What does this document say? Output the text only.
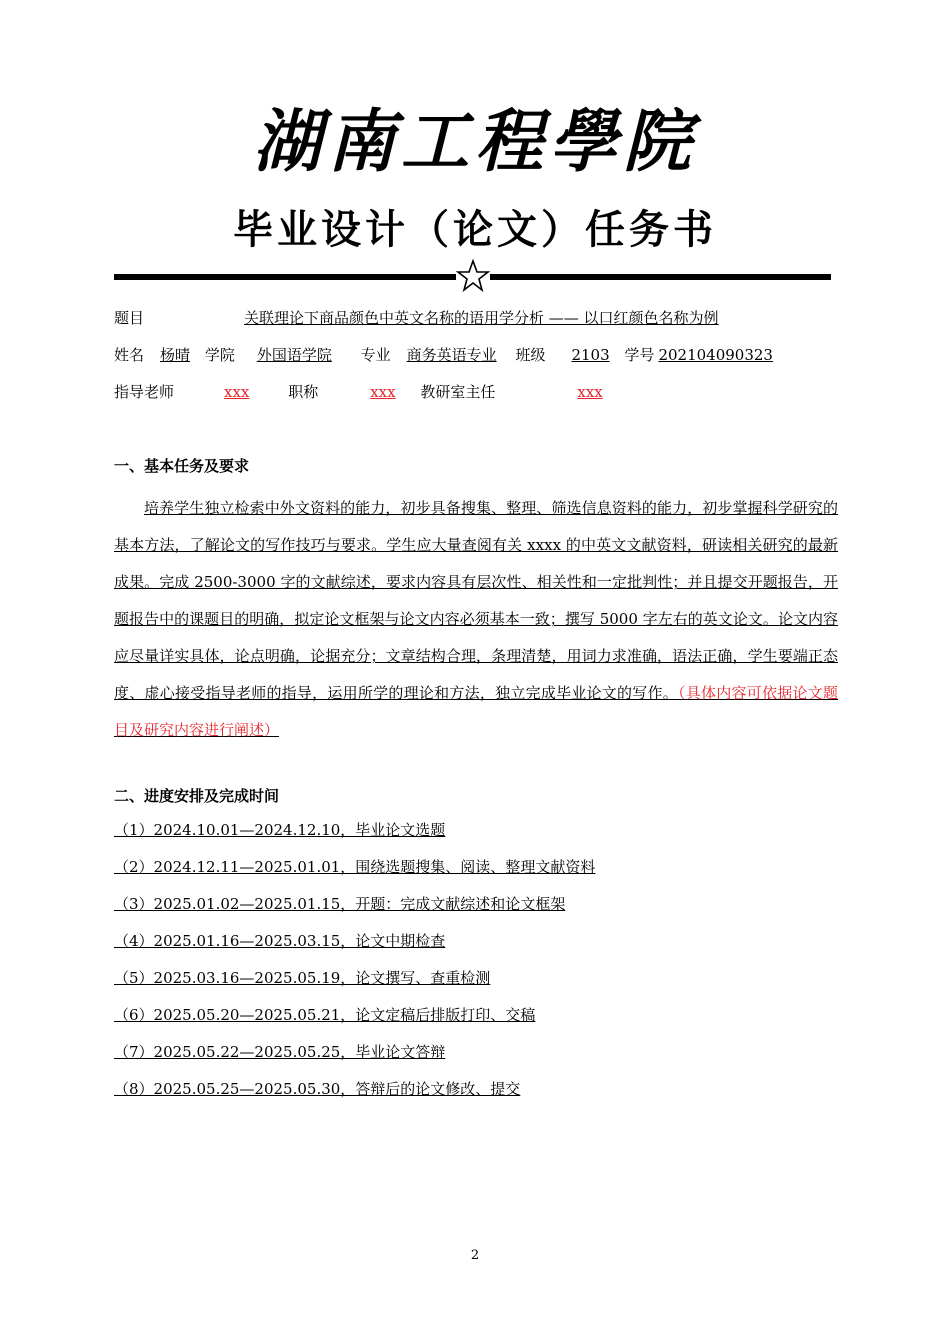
湖南工程學院
毕业设计（论文）任务书
题目	关联理论下商品颜色中英文名称的语用学分析 —— 以口红颜色名称为例
姓名 杨晴 学院 外国语学院 专业 商务英语专业 班级 2103 学号 202104090323
指导老师	xxx	职称	xxx 教研室主任	xxx
一、基本任务及要求
培养学生独立检索中外文资料的能力，初步具备搜集、整理、筛选信息资料的能力，初步掌握科学研究的基本方法，了解论文的写作技巧与要求。学生应大量查阅有关 xxxx 的中英文文献资料，研读相关研究的最新成果。完成 2500-3000 字的文献综述，要求内容具有层次性、相关性和一定批判性；并且提交开题报告，开题报告中的课题目的明确，拟定论文框架与论文内容必须基本一致；撰写 5000 字左右的英文论文。论文内容应尽量详实具体，论点明确，论据充分；文章结构合理，条理清楚，用词力求准确，语法正确，学生要端正态度、虚心接受指导老师的指导，运用所学的理论和方法，独立完成毕业论文的写作。（具体内容可依据论文题目及研究内容进行阐述）
二、进度安排及完成时间
（1）2024.10.01—2024.12.10，毕业论文选题
（2）2024.12.11—2025.01.01，围绕选题搜集、阅读、整理文献资料
（3）2025.01.02—2025.01.15，开题：完成文献综述和论文框架
（4）2025.01.16—2025.03.15，论文中期检查
（5）2025.03.16—2025.05.19，论文撰写、查重检测
（6）2025.05.20—2025.05.21，论文定稿后排版打印、交稿
（7）2025.05.22—2025.05.25，毕业论文答辩
（8）2025.05.25—2025.05.30，答辩后的论文修改、提交
2
